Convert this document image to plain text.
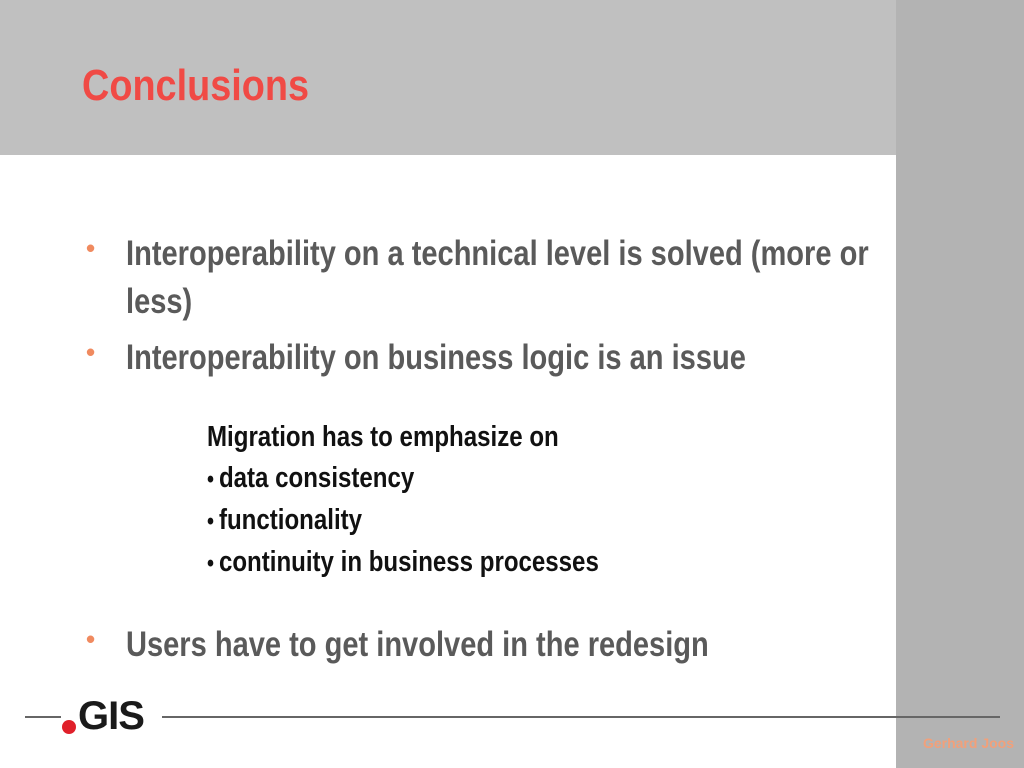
Conclusions
• Interoperability on a technical level is solved (more or less)
• Interoperability on business logic is an issue
Migration has to emphasize on
• data consistency
• functionality
• continuity in business processes
• Users have to get involved in the redesign
GIS
Gerhard Joos
